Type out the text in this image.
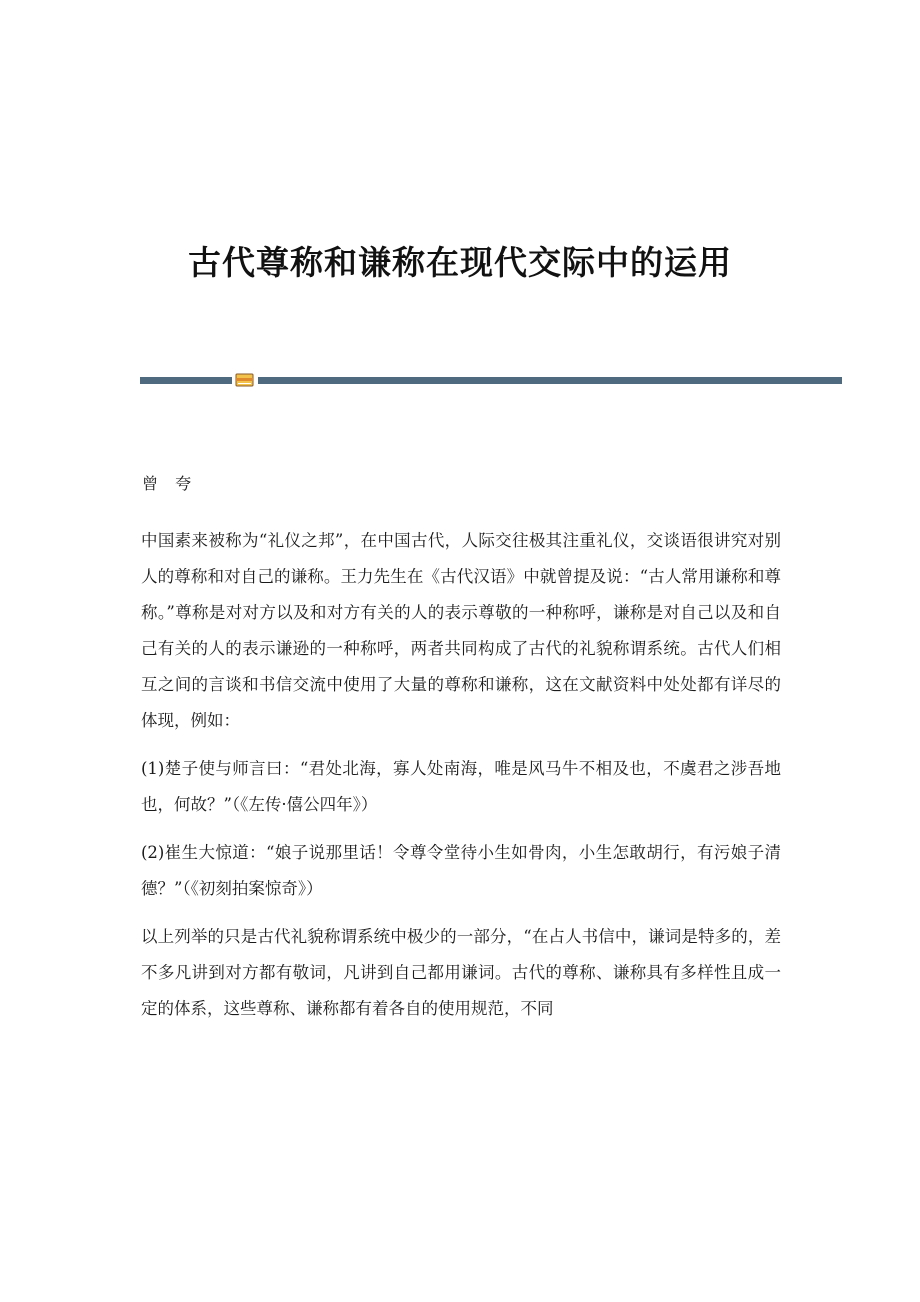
古代尊称和谦称在现代交际中的运用
曾 夸

中国素来被称为“礼仪之邦”，在中国古代，人际交往极其注重礼仪，交谈语很讲究对别人的尊称和对自己的谦称。王力先生在《古代汉语》中就曾提及说：“古人常用谦称和尊称。”尊称是对对方以及和对方有关的人的表示尊敬的一种称呼，谦称是对自己以及和自己有关的人的表示谦逊的一种称呼，两者共同构成了古代的礼貌称谓系统。古代人们相互之间的言谈和书信交流中使用了大量的尊称和谦称，这在文献资料中处处都有详尽的体现，例如：

(1)楚子使与师言曰：“君处北海，寡人处南海，唯是风马牛不相及也，不虞君之涉吾地也，何故？”（《左传·僖公四年》）

(2)崔生大惊道：“娘子说那里话！令尊令堂待小生如骨肉，小生怎敢胡行，有污娘子清德？”（《初刻拍案惊奇》）

以上列举的只是古代礼貌称谓系统中极少的一部分，“在占人书信中，谦词是特多的，差不多凡讲到对方都有敬词，凡讲到自己都用谦词。古代的尊称、谦称具有多样性且成一定的体系，这些尊称、谦称都有着各自的使用规范，不同
